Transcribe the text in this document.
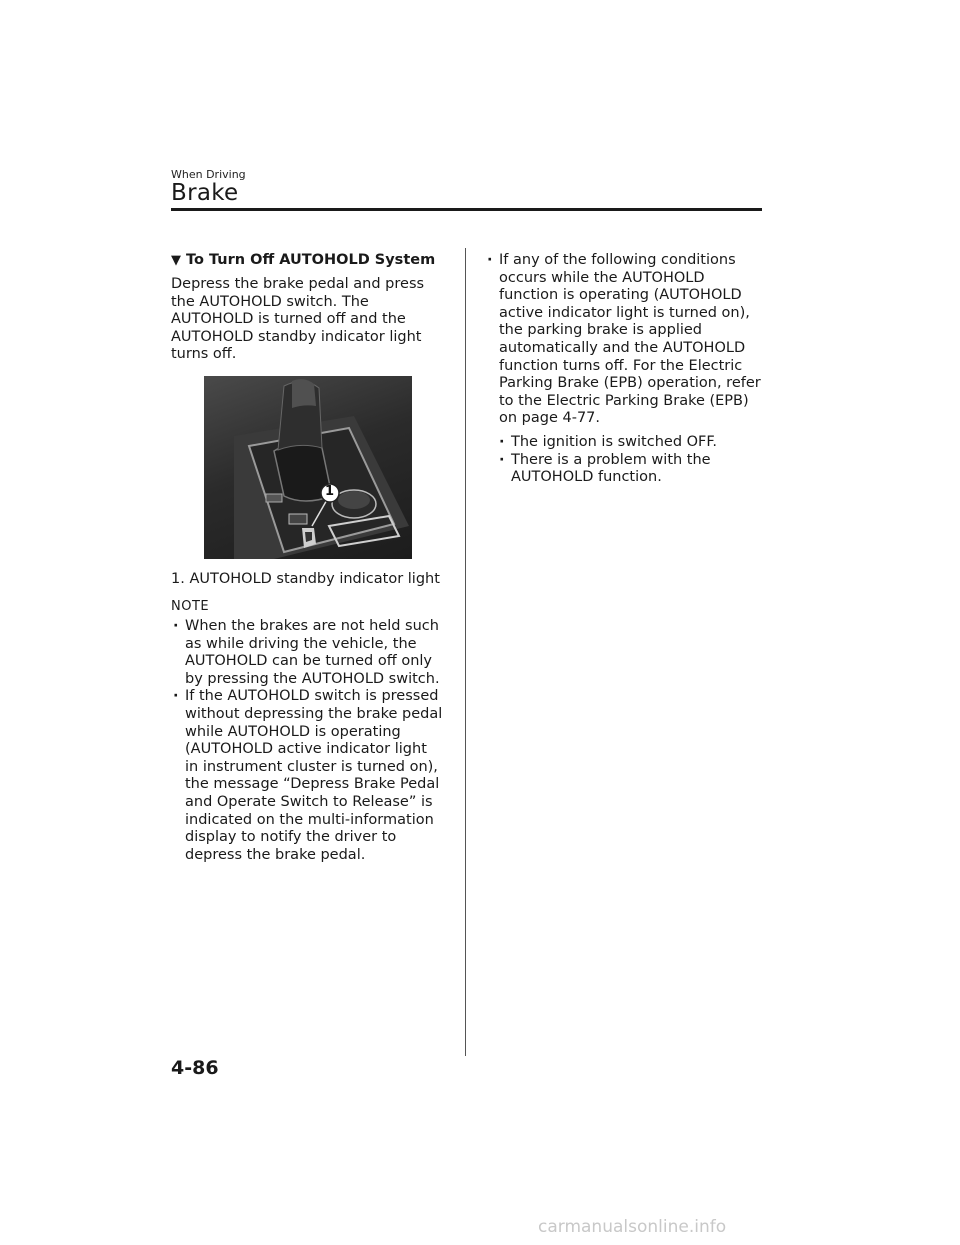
When Driving
Brake
▼ To Turn Off AUTOHOLD System

Depress the brake pedal and press the AUTOHOLD switch. The AUTOHOLD is turned off and the AUTOHOLD standby indicator light turns off.

1
1. AUTOHOLD standby indicator light
NOTE
· When the brakes are not held such as while driving the vehicle, the AUTOHOLD can be turned off only by pressing the AUTOHOLD switch.
· If the AUTOHOLD switch is pressed without depressing the brake pedal while AUTOHOLD is operating (AUTOHOLD active indicator light in instrument cluster is turned on), the message “Depress Brake Pedal and Operate Switch to Release” is indicated on the multi-information display to notify the driver to depress the brake pedal.
· If any of the following conditions occurs while the AUTOHOLD function is operating (AUTOHOLD active indicator light is turned on), the parking brake is applied automatically and the AUTOHOLD function turns off. For the Electric Parking Brake (EPB) operation, refer to the Electric Parking Brake (EPB) on page 4-77.
· The ignition is switched OFF.
· There is a problem with the AUTOHOLD function.
4-86
carmanualsonline.info
